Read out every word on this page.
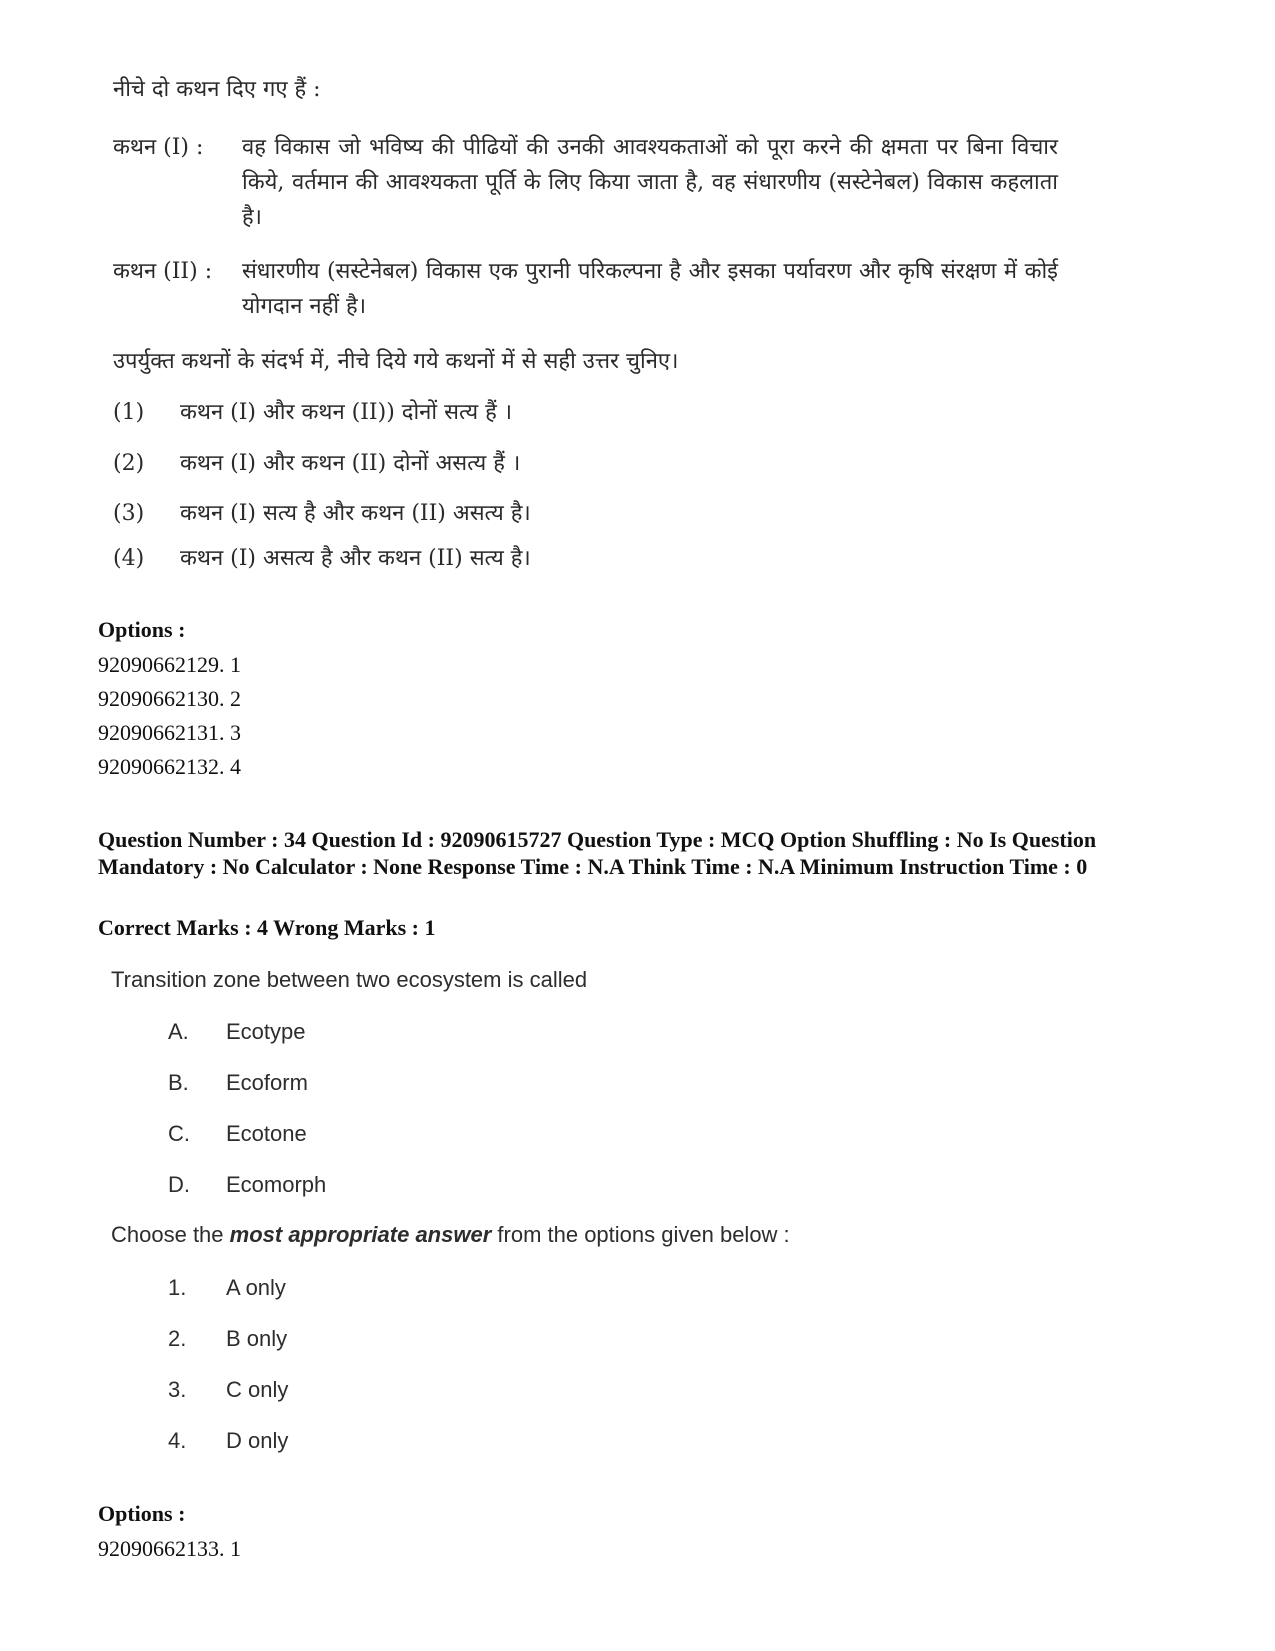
नीचे दो कथन दिए गए हैं :
कथन (I) :	वह विकास जो भविष्य की पीढियों की उनकी आवश्यकताओं को पूरा करने की क्षमता पर बिना विचार किये, वर्तमान की आवश्यकता पूर्ति के लिए किया जाता है, वह संधारणीय (सस्टेनेबल) विकास कहलाता है।
कथन (II) :	संधारणीय (सस्टेनेबल) विकास एक पुरानी परिकल्पना है और इसका पर्यावरण और कृषि संरक्षण में कोई योगदान नहीं है।
उपर्युक्त कथनों के संदर्भ में, नीचे दिये गये कथनों में से सही उत्तर चुनिए।
(1) कथन (I) और कथन (II)) दोनों सत्य हैं ।
(2) कथन (I) और कथन (II) दोनों असत्य हैं ।
(3) कथन (I) सत्य है और कथन (II) असत्य है।
(4) कथन (I) असत्य है और कथन (II) सत्य है।
Options :
92090662129. 1
92090662130. 2
92090662131. 3
92090662132. 4
Question Number : 34 Question Id : 92090615727 Question Type : MCQ Option Shuffling : No Is Question Mandatory : No Calculator : None Response Time : N.A Think Time : N.A Minimum Instruction Time : 0
Correct Marks : 4 Wrong Marks : 1
Transition zone between two ecosystem is called
A. Ecotype
B. Ecoform
C. Ecotone
D. Ecomorph
Choose the most appropriate answer from the options given below :
1. A only
2. B only
3. C only
4. D only
Options :
92090662133. 1
